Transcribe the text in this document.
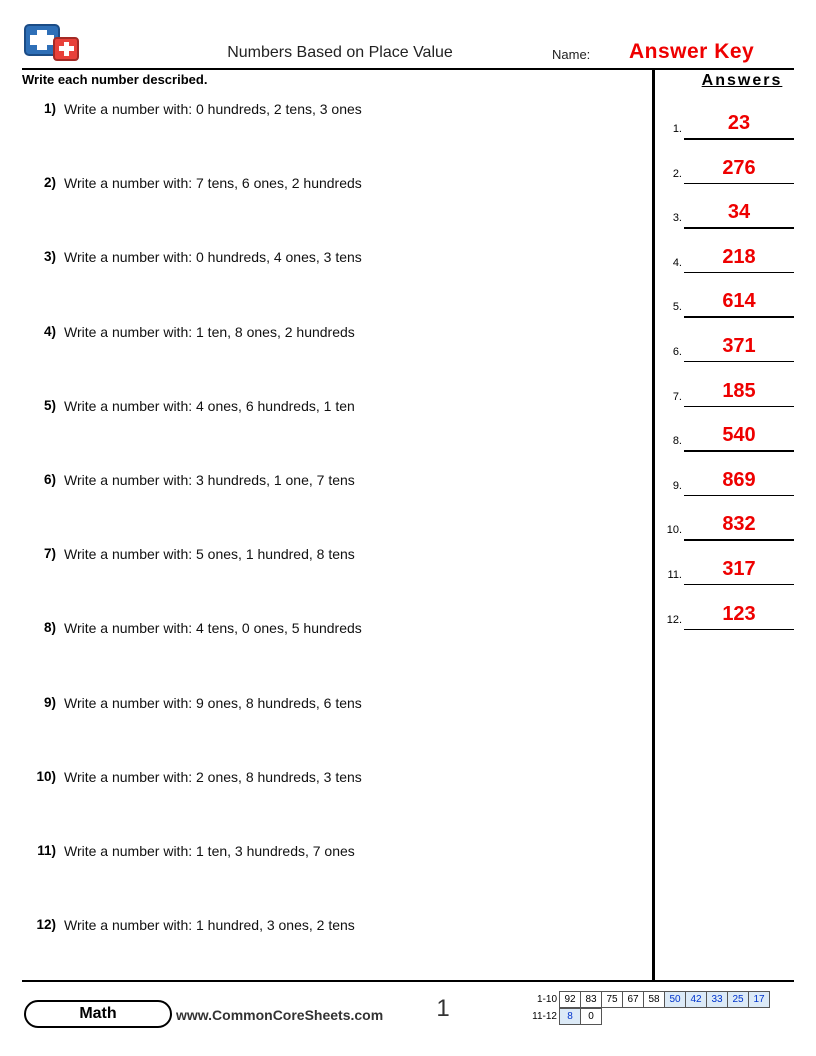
Numbers Based on Place Value	Name: Answer Key
Write each number described.
1) Write a number with: 0 hundreds, 2 tens, 3 ones
2) Write a number with: 7 tens, 6 ones, 2 hundreds
3) Write a number with: 0 hundreds, 4 ones, 3 tens
4) Write a number with: 1 ten, 8 ones, 2 hundreds
5) Write a number with: 4 ones, 6 hundreds, 1 ten
6) Write a number with: 3 hundreds, 1 one, 7 tens
7) Write a number with: 5 ones, 1 hundred, 8 tens
8) Write a number with: 4 tens, 0 ones, 5 hundreds
9) Write a number with: 9 ones, 8 hundreds, 6 tens
10) Write a number with: 2 ones, 8 hundreds, 3 tens
11) Write a number with: 1 ten, 3 hundreds, 7 ones
12) Write a number with: 1 hundred, 3 ones, 2 tens
Answers
1.	23
2.	276
3.	34
4.	218
5.	614
6.	371
7.	185
8.	540
9.	869
10.	832
11.	317
12.	123
Math	www.CommonCoreSheets.com	1	1-10 92 83 75 67 58 50 42 33 25 17
11-12	8	0
